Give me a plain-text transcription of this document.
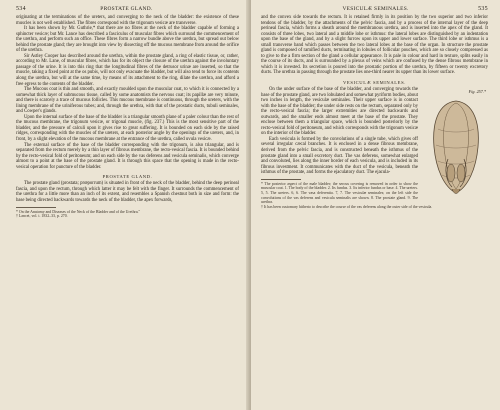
534	PROSTATE GLAND.

originating at the terminations of the ureters, and converging to the neck of the bladder: the existence of these muscles is not well established. The fibres correspond with the trigonum vesicæ are transverse.

It has been shown by Mr. Guthrie,* that there are no fibres at the neck of the bladder capable of forming a sphincter vesicæ; but Mr. Lance has described a fasciculus of muscular fibres which surround the commencement of the urethra, and perform such an office. These fibres form a narrow bundle above the urethra, but spread out below behind the prostate gland; they are brought into view by dissecting off the mucous membrane from around the orifice of the urethra.

Sir Astley Cooper has described around the urethra, within the prostate gland, a ring of elastic tissue, or, rather, according to Mr. Lane, of muscular fibres, which has for its object the closure of the urethra against the involuntary passage of the urine. It is into this ring that the longitudinal fibres of the detrusor urinæ are inserted, so that the muscle, taking a fixed point at the os pubis, will not only evacuate the bladder, but will also tend to force its contents along the urethra, but will at the same time, by means of its attachment to the ring, dilate the urethra, and afford a free egress to the contents of the bladder.

The Mucous coat is thin and smooth, and exactly moulded upon the muscular coat, to which it is connected by a somewhat thick layer of submucous tissue, called by some anatomists the nervous coat; its papillæ are very minute, and there is scarcely a trace of mucous follicles. This mucous membrane is continuous, through the ureters, with the lining membrane of the uriniferous tubes; and, through the urethra, with that of the prostatic ducts, tubuli seminales, and Cowper's glands.

Upon the internal surface of the base of the bladder is a triangular smooth plane of a paler colour than the rest of the mucous membrane, the trigonum vesicæ, or trigonal muscle, (fig. 237.) This is the most sensitive part of the bladder, and the pressure of calculi upon it gives rise to great suffering. It is bounded on each side by the raised ridges, corresponding with the muscles of the ureters, at each posterior angle by the openings of the ureters, and, in front, by a slight elevation of the mucous membrane at the entrance of the urethra, called uvula vesicæ.

The external surface of the base of the bladder corresponding with the trigonum, is also triangular, and is separated from the rectum merely by a thin layer of fibrous membrane, the recto-vesical fascia. It is bounded behind by the recto-vesical fold of peritoneum; and on each side by the vas deferens and vesicula seminalis, which converge almost to a point at the base of the prostate gland. It is through this space that the opening is made in the recto-vesical operation for puncture of the bladder.

PROSTATE GLAND.

The prostate gland (prostata; prœporrum) is situated in front of the neck of the bladder, behind the deep perineal fascia, and upon the rectum, through which latter it may be felt with the finger. It surrounds the commencement of the urethra for a little more than an inch of its extent, and resembles a Spanish chestnut both in size and form: the base being directed backwards towards the neck of the bladder, the apex forwards,

* On the Anatomy and Diseases of the Neck of the Bladder and of the Urethra."

† Lancet, vol. i. 1832–33, p. 270.

VESICULÆ SEMINALES.	535

and the convex side towards the rectum. It is retained firmly in its position by the two superior and two inferior tendons of the bladder, by the attachments of the pelvic fascia, and by a process of the internal layer of the deep perineal fascia, which forms a sheath around the membranous urethra, and is inserted into the apex of the gland. It consists of three lobes, two lateral and a middle lobe or isthmus: the lateral lobes are distinguished by an indentation upon the base of the gland, and by a slight furrow upon its upper and lower surface. The third lobe or isthmus is a small transverse band which passes between the two lateral lobes at the base of the organ. In structure the prostate gland is composed of ramified ducts, terminating in lobules of follicular pouches, which are so closely compressed as to give to the a firm section of the gland a cellular appearance. It is pale in colour and hard in texture, splits easily in the course of its ducts, and is surrounded by a plexus of veins which are confused by the dense fibrous membrane in which it is invested. Its secretion is poured into the prostatic portion of the urethra, by fifteen or twenty excretory ducts. The urethra in passing through the prostate lies one-third nearer its upper than its lower surface.

VESICULÆ SEMINALES.
Fig. 257.*

On the under surface of the base of the bladder, and converging towards the base of the prostate gland, are two lobulated and somewhat pyriform bodies, about two inches in length, the vesiculæ seminales. Their upper surface is in contact with the base of the bladder; the under side rests on the rectum, separated only by the recto-vesical fascia; the larger extremities are directed backwards and outwards, and the smaller ends almost meet at the base of the prostate. They enclose between them a triangular space, which is bounded posteriorly by the recto-vesical fold of peritoneum, and which corresponds with the trigonum vesicæ on the interior of the bladder.

Each vesicula is formed by the convolutions of a single tube, which gives off several irregular cæcal branches. It is enclosed in a dense fibrous membrane, derived from the pelvic fascia, and is constructed beneath the isthmus of the prostate gland into a small excretory duct. The vas deferens, somewhat enlarged and convoluted, lies along the inner border of each vesicula, and is included in its fibrous investment. It communicates with the duct of the vesicula, beneath the isthmus of the prostate, and forms the ejaculatory duct. The ejacula-

* The posterior aspect of the male bladder; the serous covering is removed in order to show the muscular coat. 1. The body of the bladder. 2. Its fundus. 3. Its inferior fundus or base. 4. The ureters. 5, 5. The ureters. 6, 6. The vasa deferentia. 7, 7. The vesiculæ seminales; on the left side the convolutions of the vas deferens and vesicula seminalis are shown. 8. The prostate gland. 9. The urethra.

† It has been customary hitherto to describe the course of the vas deferens along the outer side of the vesicula.
